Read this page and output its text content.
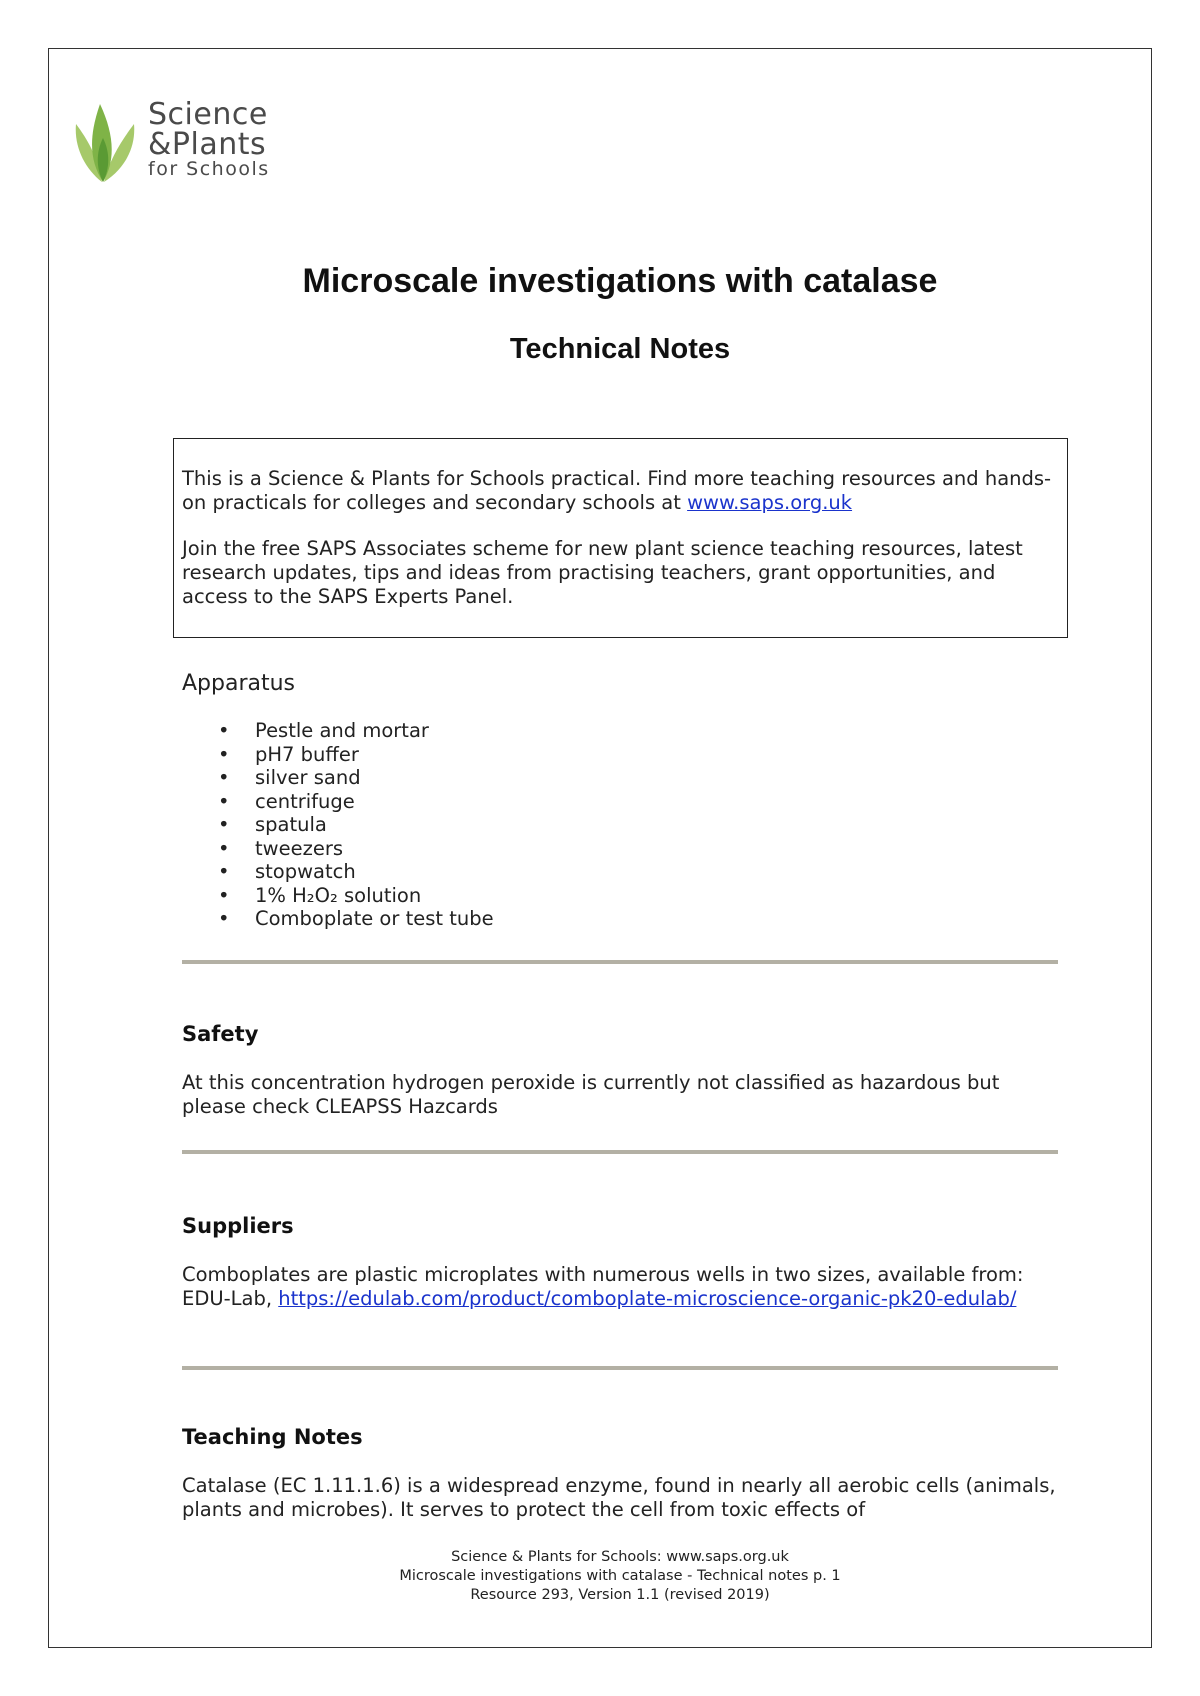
Science
&Plants
for Schools
Microscale investigations with catalase
Technical Notes

This is a Science & Plants for Schools practical. Find more teaching resources and hands-on practicals for colleges and secondary schools at www.saps.org.uk

Join the free SAPS Associates scheme for new plant science teaching resources, latest research updates, tips and ideas from practising teachers, grant opportunities, and access to the SAPS Experts Panel.

Apparatus
• Pestle and mortar
• pH7 buffer
• silver sand
• centrifuge
• spatula
• tweezers
• stopwatch
• 1% H₂O₂ solution
• Comboplate or test tube
Safety
At this concentration hydrogen peroxide is currently not classified as hazardous but please check CLEAPSS Hazcards
Suppliers
Comboplates are plastic microplates with numerous wells in two sizes, available from:
EDU-Lab, https://edulab.com/product/comboplate-microscience-organic-pk20-edulab/
Teaching Notes
Catalase (EC 1.11.1.6) is a widespread enzyme, found in nearly all aerobic cells (animals, plants and microbes). It serves to protect the cell from toxic effects of
Science & Plants for Schools: www.saps.org.uk
Microscale investigations with catalase - Technical notes p. 1
Resource 293, Version 1.1 (revised 2019)
